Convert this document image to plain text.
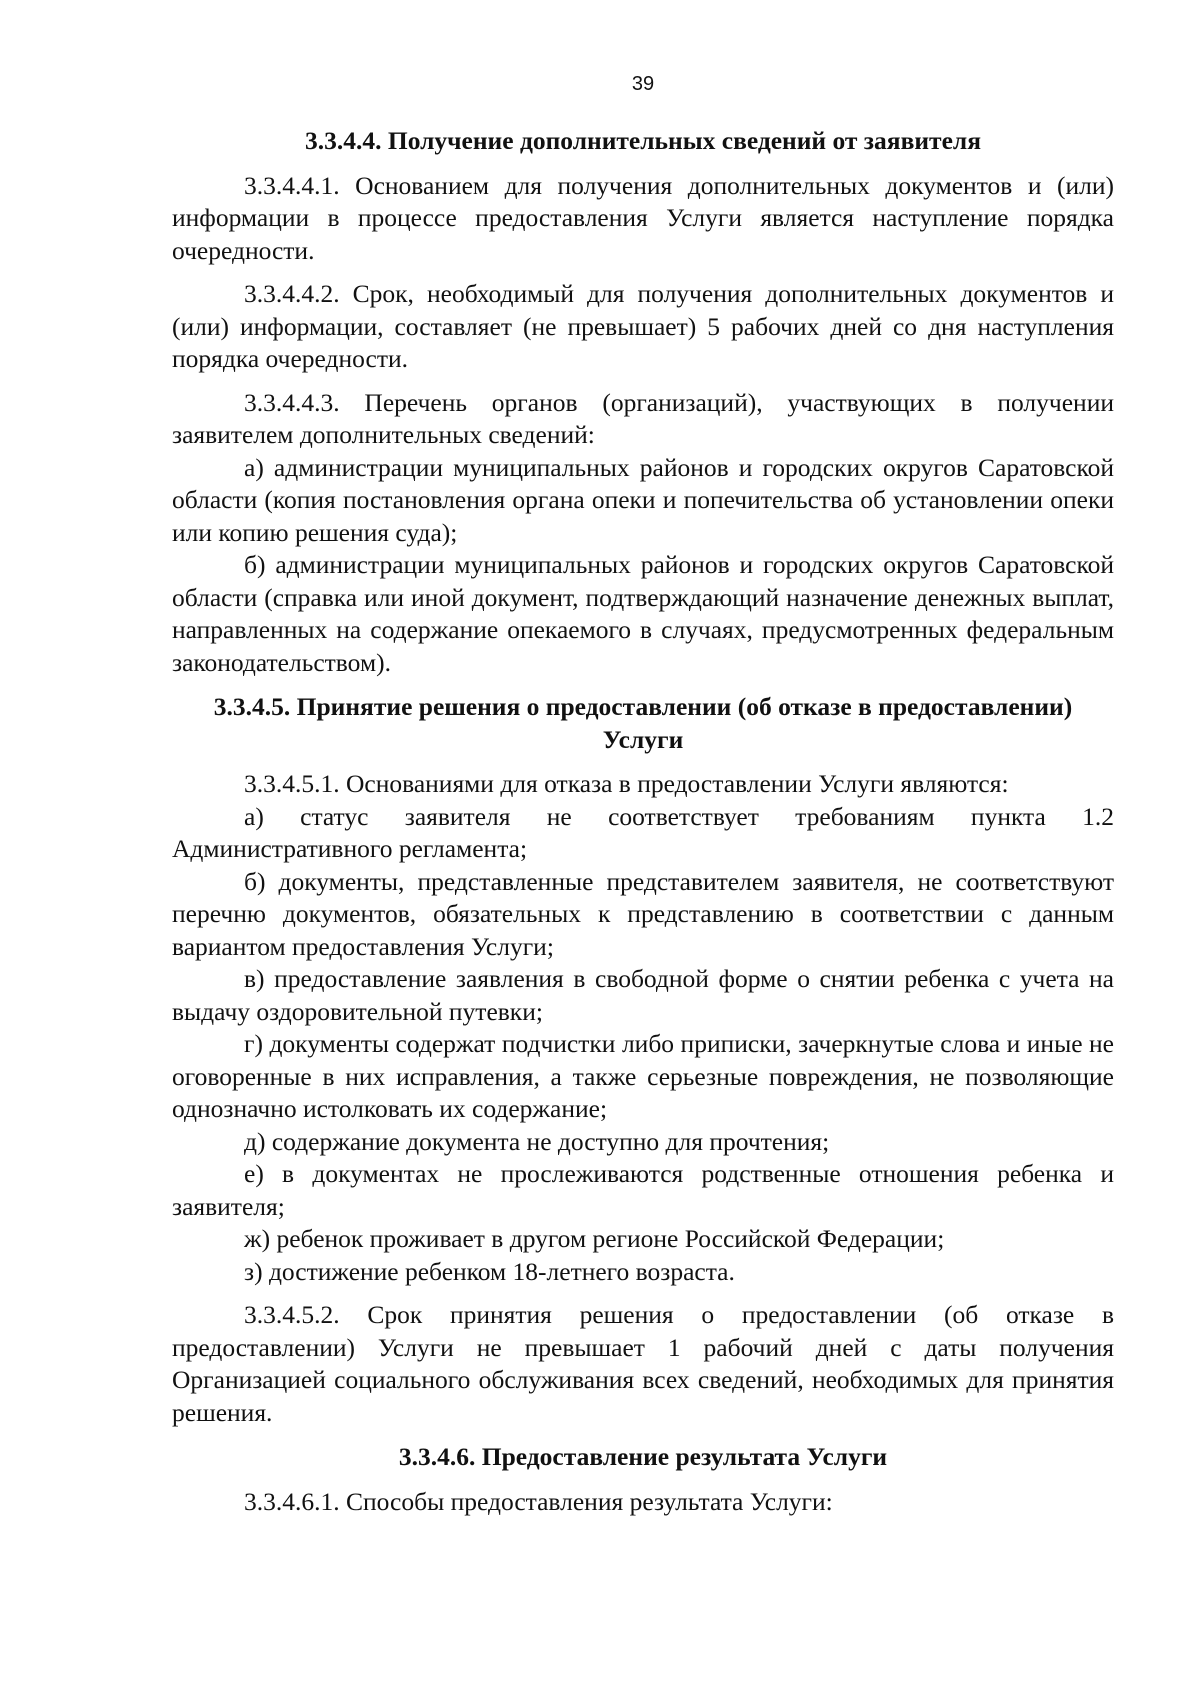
39

3.3.4.4. Получение дополнительных сведений от заявителя

3.3.4.4.1. Основанием для получения дополнительных документов и (или) информации в процессе предоставления Услуги является наступление порядка очередности.

3.3.4.4.2. Срок, необходимый для получения дополнительных документов и (или) информации, составляет (не превышает) 5 рабочих дней со дня наступления порядка очередности.

3.3.4.4.3. Перечень органов (организаций), участвующих в получении заявителем дополнительных сведений:

а) администрации муниципальных районов и городских округов Саратовской области (копия постановления органа опеки и попечительства об установлении опеки или копию решения суда);

б) администрации муниципальных районов и городских округов Саратовской области (справка или иной документ, подтверждающий назначение денежных выплат, направленных на содержание опекаемого в случаях, предусмотренных федеральным законодательством).

3.3.4.5. Принятие решения о предоставлении (об отказе в предоставлении) Услуги

3.3.4.5.1. Основаниями для отказа в предоставлении Услуги являются:

а) статус заявителя не соответствует требованиям пункта 1.2 Административного регламента;

б) документы, представленные представителем заявителя, не соответствуют перечню документов, обязательных к представлению в соответствии с данным вариантом предоставления Услуги;

в) предоставление заявления в свободной форме о снятии ребенка с учета на выдачу оздоровительной путевки;

г) документы содержат подчистки либо приписки, зачеркнутые слова и иные не оговоренные в них исправления, а также серьезные повреждения, не позволяющие однозначно истолковать их содержание;

д) содержание документа не доступно для прочтения;

е) в документах не прослеживаются родственные отношения ребенка и заявителя;

ж) ребенок проживает в другом регионе Российской Федерации;

з) достижение ребенком 18-летнего возраста.

3.3.4.5.2. Срок принятия решения о предоставлении (об отказе в предоставлении) Услуги не превышает 1 рабочий дней с даты получения Организацией социального обслуживания всех сведений, необходимых для принятия решения.

3.3.4.6. Предоставление результата Услуги

3.3.4.6.1. Способы предоставления результата Услуги:
